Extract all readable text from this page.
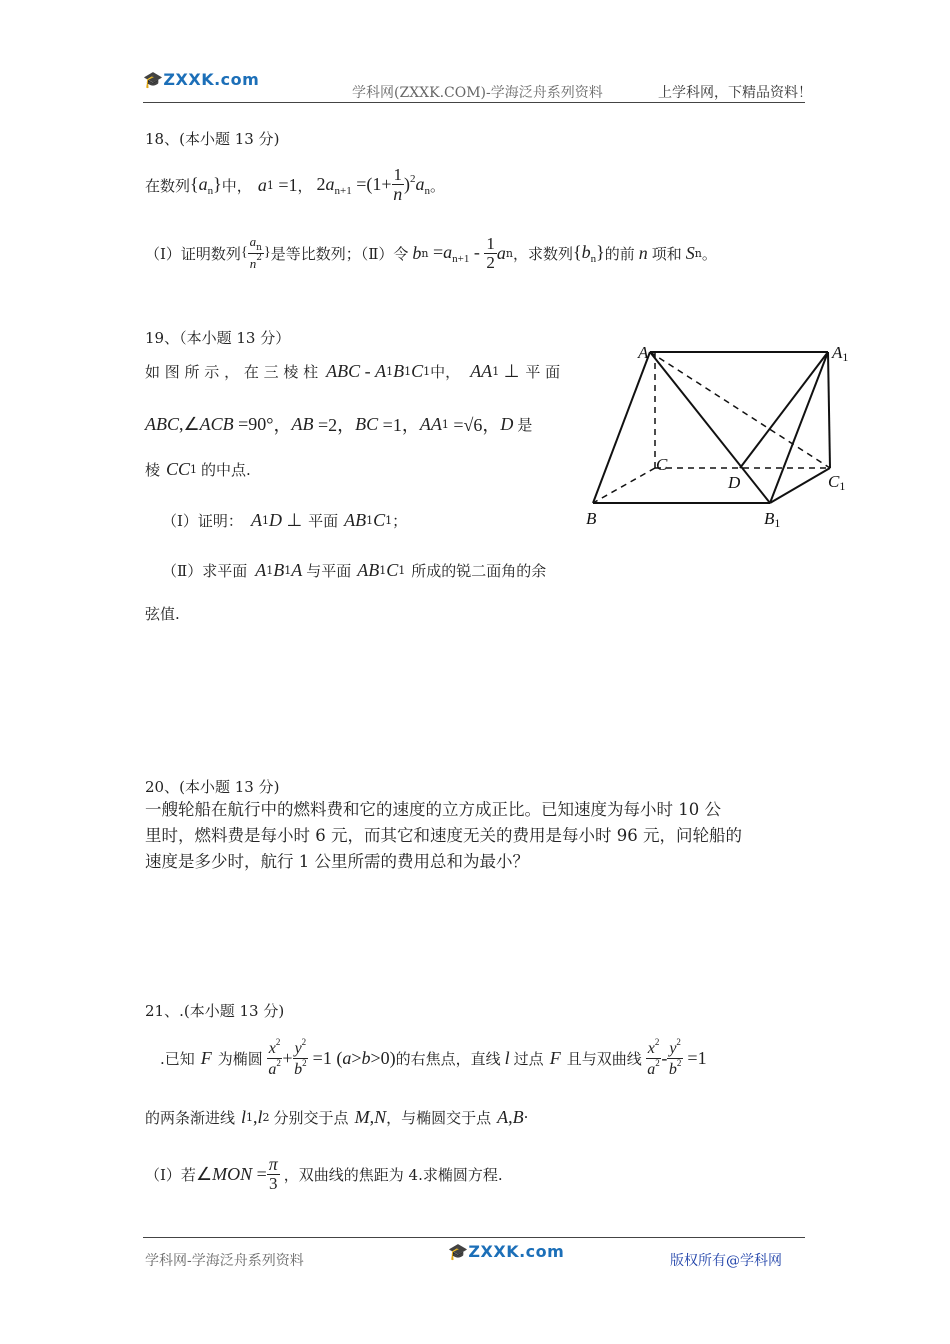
🎓ZXXK.com
学科网(ZXXK.COM)-学海泛舟系列资料	上学科网，下精品资料！
18、(本小题 13 分)
在数列 $\{a_n\}$ 中， a 1 =1 ， $2a_{n+1} =(1+ \frac{1}{n} )^2a_n$ 。
（Ⅰ）证明数列 { $\frac{a_n}{n^2}$ } 是等比数列；（Ⅱ）令 b $n =a_{n+1} - \frac{1}{2}$ a n ，求数列 $\{b_n\}$ 的前 n 项和 S n 。
19、（本小题 13 分）
如 图 所 示 ， 在 三 棱 柱 ABC - A 1 B 1 C 1 中， AA 1 ⊥ 平 面
ABC ,∠ ACB =90° ， AB =2， BC =1， AA 1 =√6， D 是
棱 CC 1 的中点.
（Ⅰ）证明： A 1 D ⊥ 平面 AB 1 C 1 ；
（Ⅱ）求平面 A 1 B 1 A 与平面 AB 1 C 1 所成的锐二面角的余
弦值.
A	A1
C
D	C1
B	B1
20、(本小题 13 分)
一艘轮船在航行中的燃料费和它的速度的立方成正比。已知速度为每小时 10 公
里时，燃料费是每小时 6 元，而其它和速度无关的费用是每小时 96 元，问轮船的
速度是多少时，航行 1 公里所需的费用总和为最小？
21、.(本小题 13 分)
.已知 F 为椭圆 $\frac{x^2}{a^2} + \frac{y^2}{b^2} =1$ (a>b>0) 的右焦点，直线 l 过点 F 且与双曲线 $\frac{x^2}{a^2} - \frac{y^2}{b^2} =1$
的两条渐进线 l 1 , l 2 分别交于点 M , N ，与椭圆交于点 A , B ·
（Ⅰ）若 ∠ MON = $\frac{\pi}{3}$ ，双曲线的焦距为 4.求椭圆方程.
学科网-学海泛舟系列资料	🎓ZXXK.com	版权所有@学科网
